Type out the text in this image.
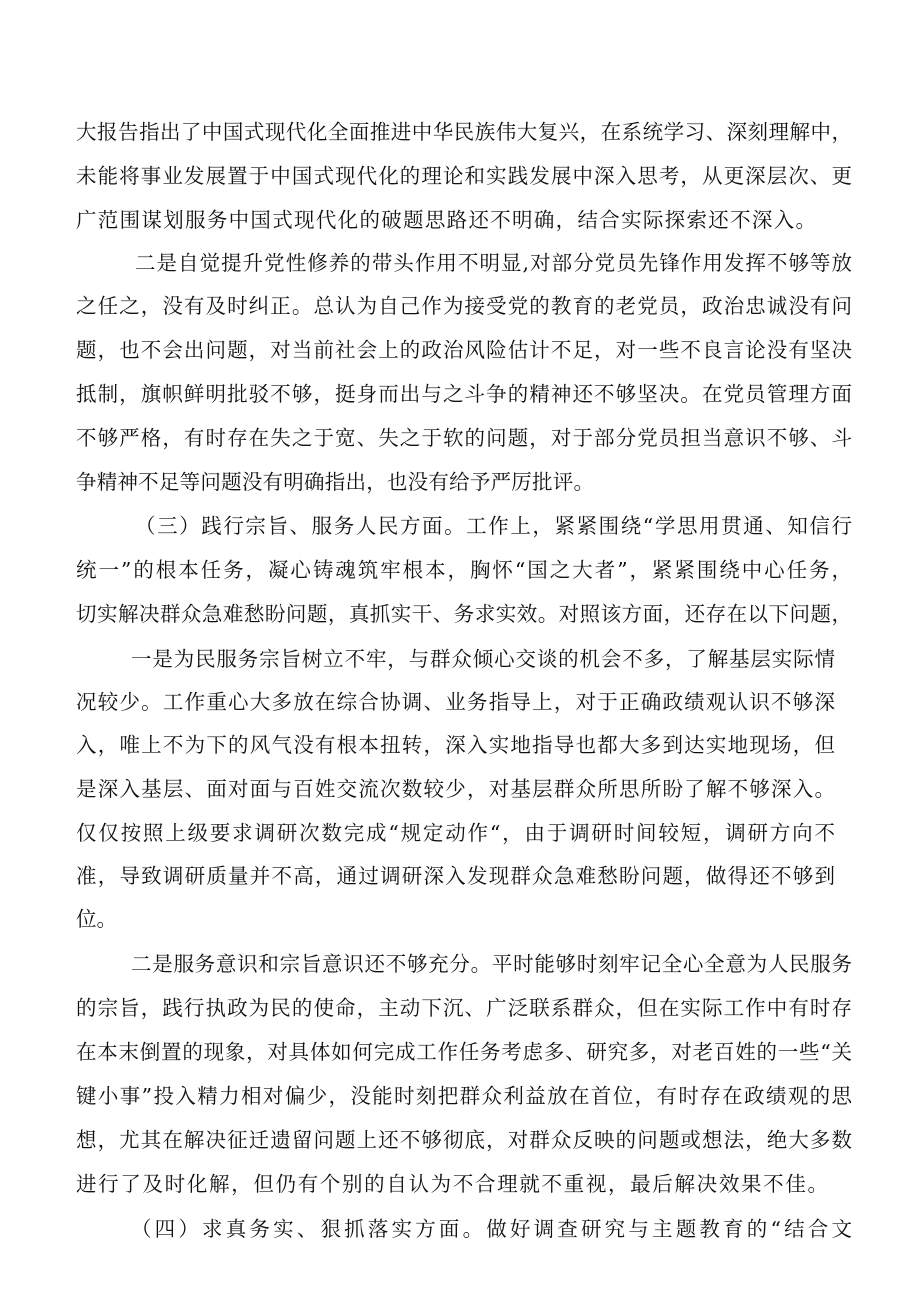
大报告指出了中国式现代化全面推进中华民族伟大复兴，在系统学习、深刻理解中，
未能将事业发展置于中国式现代化的理论和实践发展中深入思考，从更深层次、更
广范围谋划服务中国式现代化的破题思路还不明确，结合实际探索还不深入。
二是自觉提升党性修养的带头作用不明显,对部分党员先锋作用发挥不够等放
之任之，没有及时纠正。总认为自己作为接受党的教育的老党员，政治忠诚没有问
题，也不会出问题，对当前社会上的政治风险估计不足，对一些不良言论没有坚决
抵制，旗帜鲜明批驳不够，挺身而出与之斗争的精神还不够坚决。在党员管理方面
不够严格，有时存在失之于宽、失之于软的问题，对于部分党员担当意识不够、斗
争精神不足等问题没有明确指出，也没有给予严厉批评。
（三）践行宗旨、服务人民方面。工作上，紧紧围绕“学思用贯通、知信行
统一”的根本任务，凝心铸魂筑牢根本，胸怀“国之大者”，紧紧围绕中心任务，
切实解决群众急难愁盼问题，真抓实干、务求实效。对照该方面，还存在以下问题，
一是为民服务宗旨树立不牢，与群众倾心交谈的机会不多，了解基层实际情
况较少。工作重心大多放在综合协调、业务指导上，对于正确政绩观认识不够深
入，唯上不为下的风气没有根本扭转，深入实地指导也都大多到达实地现场，但
是深入基层、面对面与百姓交流次数较少，对基层群众所思所盼了解不够深入。
仅仅按照上级要求调研次数完成“规定动作“，由于调研时间较短，调研方向不
准，导致调研质量并不高，通过调研深入发现群众急难愁盼问题，做得还不够到
位。
二是服务意识和宗旨意识还不够充分。平时能够时刻牢记全心全意为人民服务
的宗旨，践行执政为民的使命，主动下沉、广泛联系群众，但在实际工作中有时存
在本末倒置的现象，对具体如何完成工作任务考虑多、研究多，对老百姓的一些“关
键小事”投入精力相对偏少，没能时刻把群众利益放在首位，有时存在政绩观的思
想，尤其在解决征迁遗留问题上还不够彻底，对群众反映的问题或想法，绝大多数
进行了及时化解，但仍有个别的自认为不合理就不重视，最后解决效果不佳。
（四）求真务实、狠抓落实方面。做好调查研究与主题教育的“结合文
